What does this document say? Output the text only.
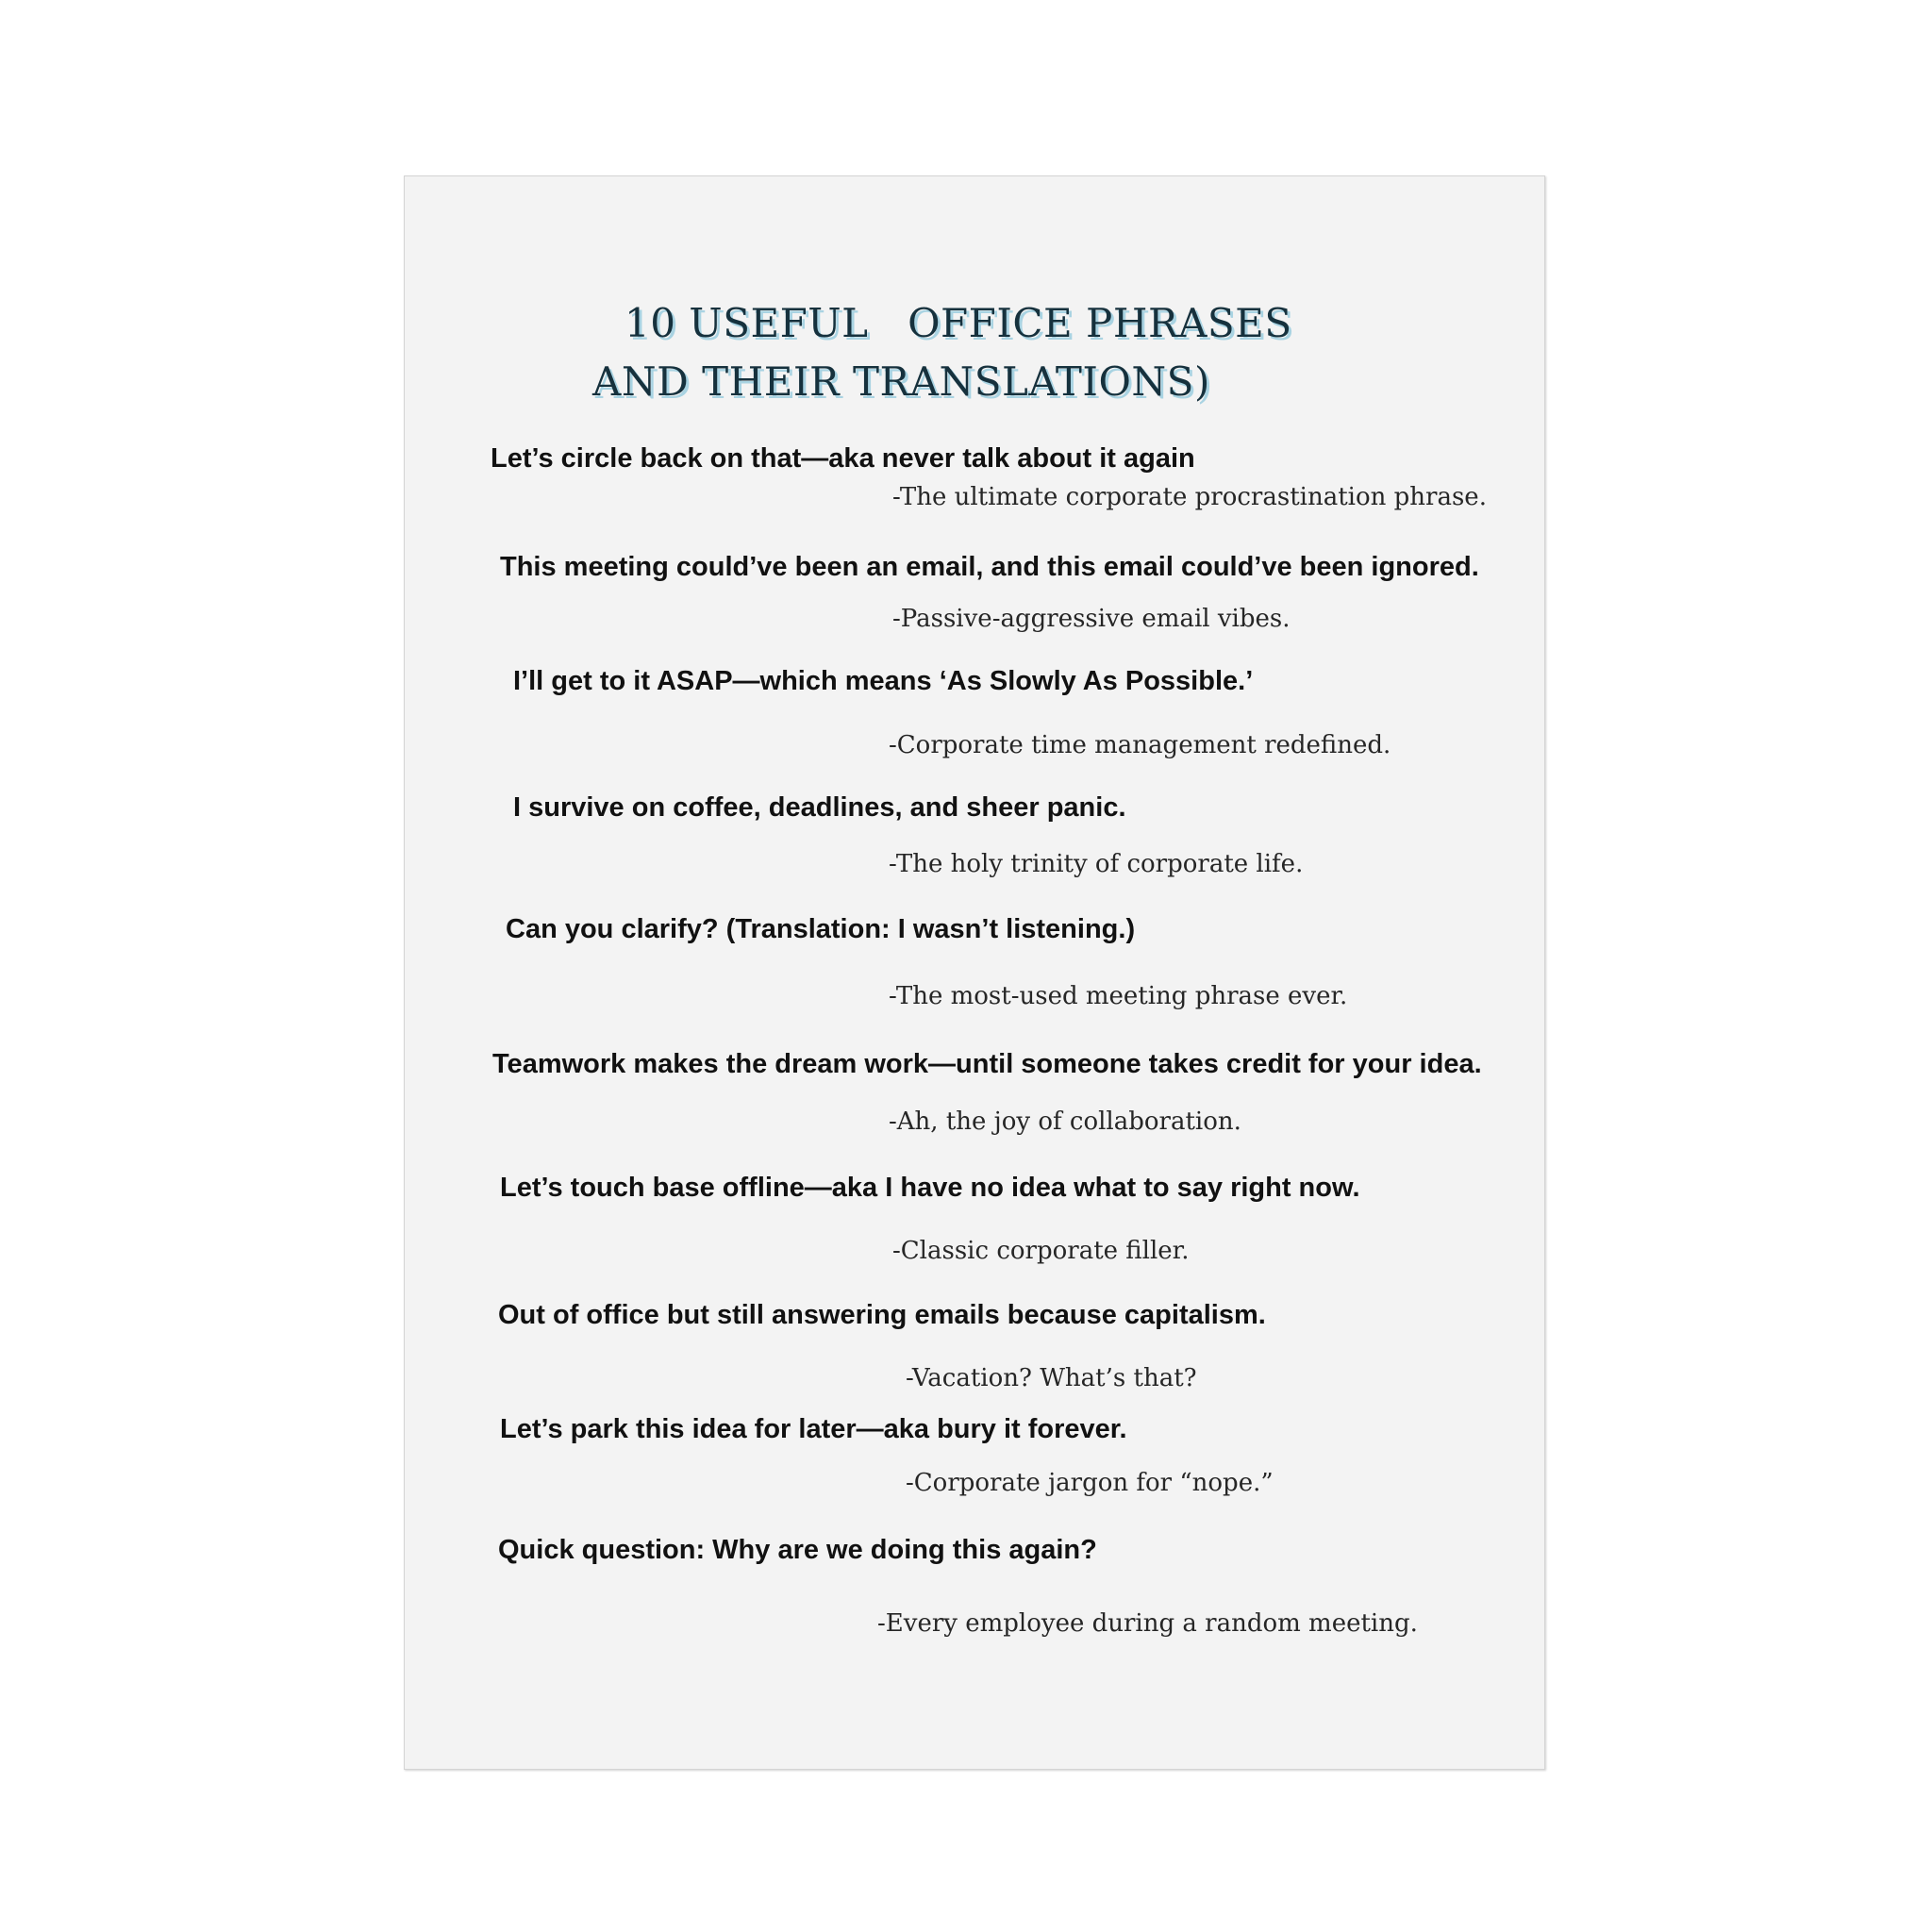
10 USEFUL   OFFICE PHRASES
AND THEIR TRANSLATIONS)

Let’s circle back on that—aka never talk about it again

-The ultimate corporate procrastination phrase.

This meeting could’ve been an email, and this email could’ve been ignored.

-Passive-aggressive email vibes.

I’ll get to it ASAP—which means ‘As Slowly As Possible.’

-Corporate time management redefined.

I survive on coffee, deadlines, and sheer panic.

-The holy trinity of corporate life.

Can you clarify? (Translation: I wasn’t listening.)

-The most-used meeting phrase ever.

Teamwork makes the dream work—until someone takes credit for your idea.

-Ah, the joy of collaboration.

Let’s touch base offline—aka I have no idea what to say right now.

-Classic corporate filler.

Out of office but still answering emails because capitalism.

-Vacation? What’s that?

Let’s park this idea for later—aka bury it forever.

-Corporate jargon for “nope.”

Quick question: Why are we doing this again?

-Every employee during a random meeting.
